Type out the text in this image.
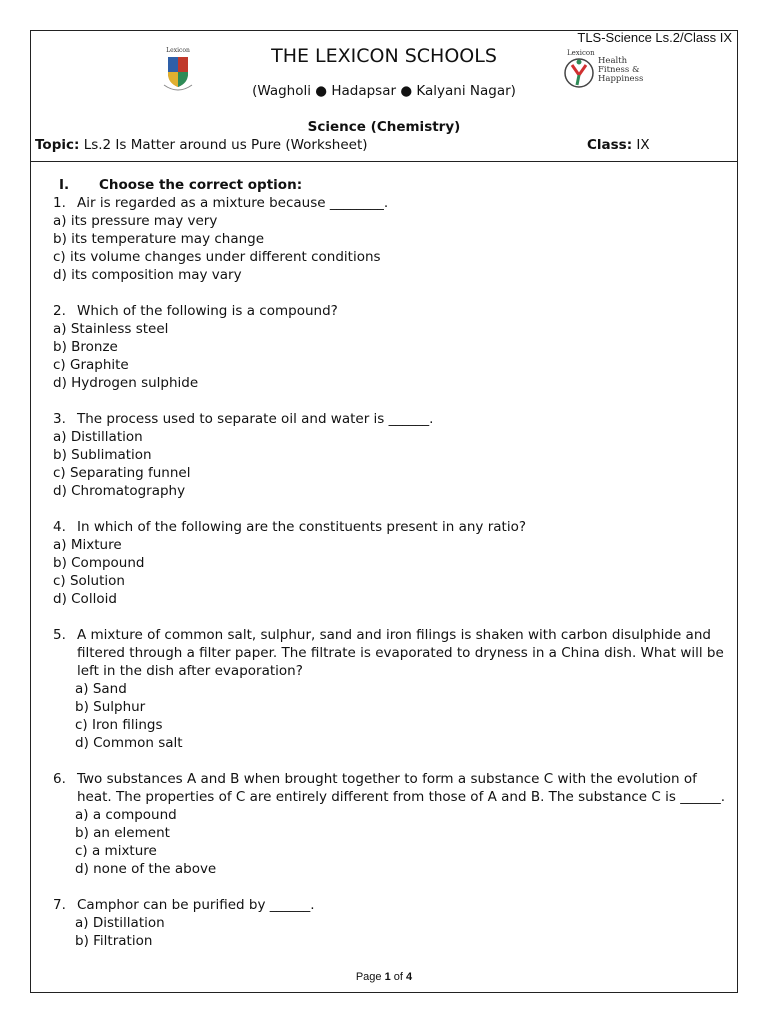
TLS-Science Ls.2/Class IX
Lexicon	THE LEXICON SCHOOLS
(Wagholi ● Hadapsar ● Kalyani Nagar)
Lexicon
Health
Fitness &
Happiness
Science (Chemistry)
Topic: Ls.2 Is Matter around us Pure (Worksheet)	Class: IX
I. Choose the correct option:
1. Air is regarded as a mixture because ________.
a) its pressure may very
b) its temperature may change
c) its volume changes under different conditions
d) its composition may vary
2. Which of the following is a compound?
a) Stainless steel
b) Bronze
c) Graphite
d) Hydrogen sulphide
3. The process used to separate oil and water is ______.
a) Distillation
b) Sublimation
c) Separating funnel
d) Chromatography
4. In which of the following are the constituents present in any ratio?
a) Mixture
b) Compound
c) Solution
d) Colloid
5. A mixture of common salt, sulphur, sand and iron filings is shaken with carbon disulphide and filtered through a filter paper. The filtrate is evaporated to dryness in a China dish. What will be left in the dish after evaporation?
a) Sand
b) Sulphur
c) Iron filings
d) Common salt
6. Two substances A and B when brought together to form a substance C with the evolution of heat. The properties of C are entirely different from those of A and B. The substance C is ______.
a) a compound
b) an element
c) a mixture
d) none of the above
7. Camphor can be purified by ______.
a) Distillation
b) Filtration
Page 1 of 4
